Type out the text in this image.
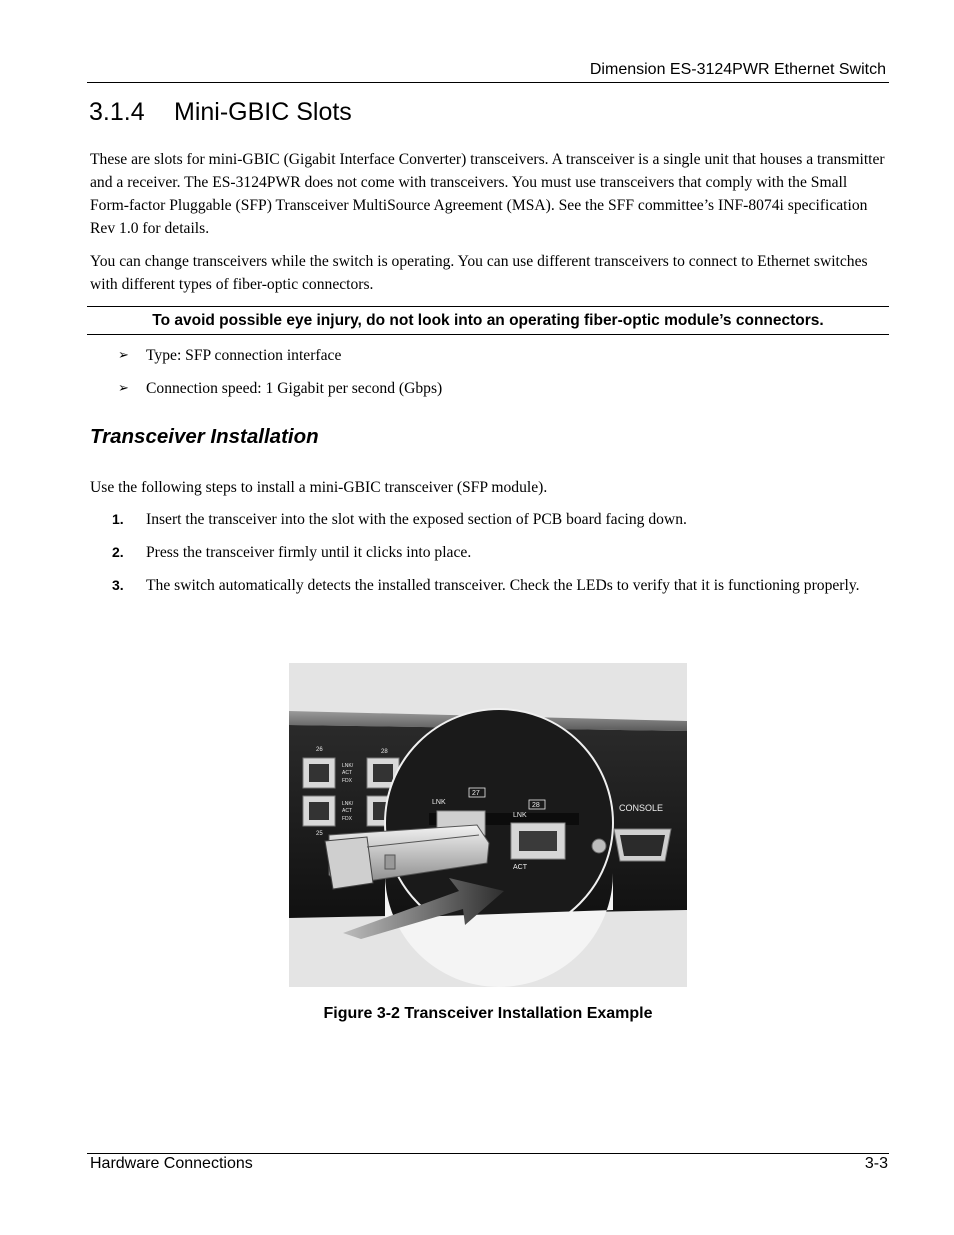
Dimension ES-3124PWR Ethernet Switch
3.1.4 Mini-GBIC Slots
These are slots for mini-GBIC (Gigabit Interface Converter) transceivers. A transceiver is a single unit that houses a transmitter and a receiver. The ES-3124PWR does not come with transceivers. You must use transceivers that comply with the Small Form-factor Pluggable (SFP) Transceiver MultiSource Agreement (MSA). See the SFF committee’s INF-8074i specification Rev 1.0 for details.
You can change transceivers while the switch is operating. You can use different transceivers to connect to Ethernet switches with different types of fiber-optic connectors.
To avoid possible eye injury, do not look into an operating fiber-optic module’s connectors.
➢	Type: SFP connection interface
➢	Connection speed: 1 Gigabit per second (Gbps)
Transceiver Installation
Use the following steps to install a mini-GBIC transceiver (SFP module).
1.	Insert the transceiver into the slot with the exposed section of PCB board facing down.
2.	Press the transceiver firmly until it clicks into place.
3.	The switch automatically detects the installed transceiver. Check the LEDs to verify that it is functioning properly.
26	28
25
LNK/
ACT
FDX
LNK/
ACT
FDX
27
28
LNK
LNK
ACT
CONSOLE
Figure 3-2 Transceiver Installation Example
Hardware Connections	3-3
